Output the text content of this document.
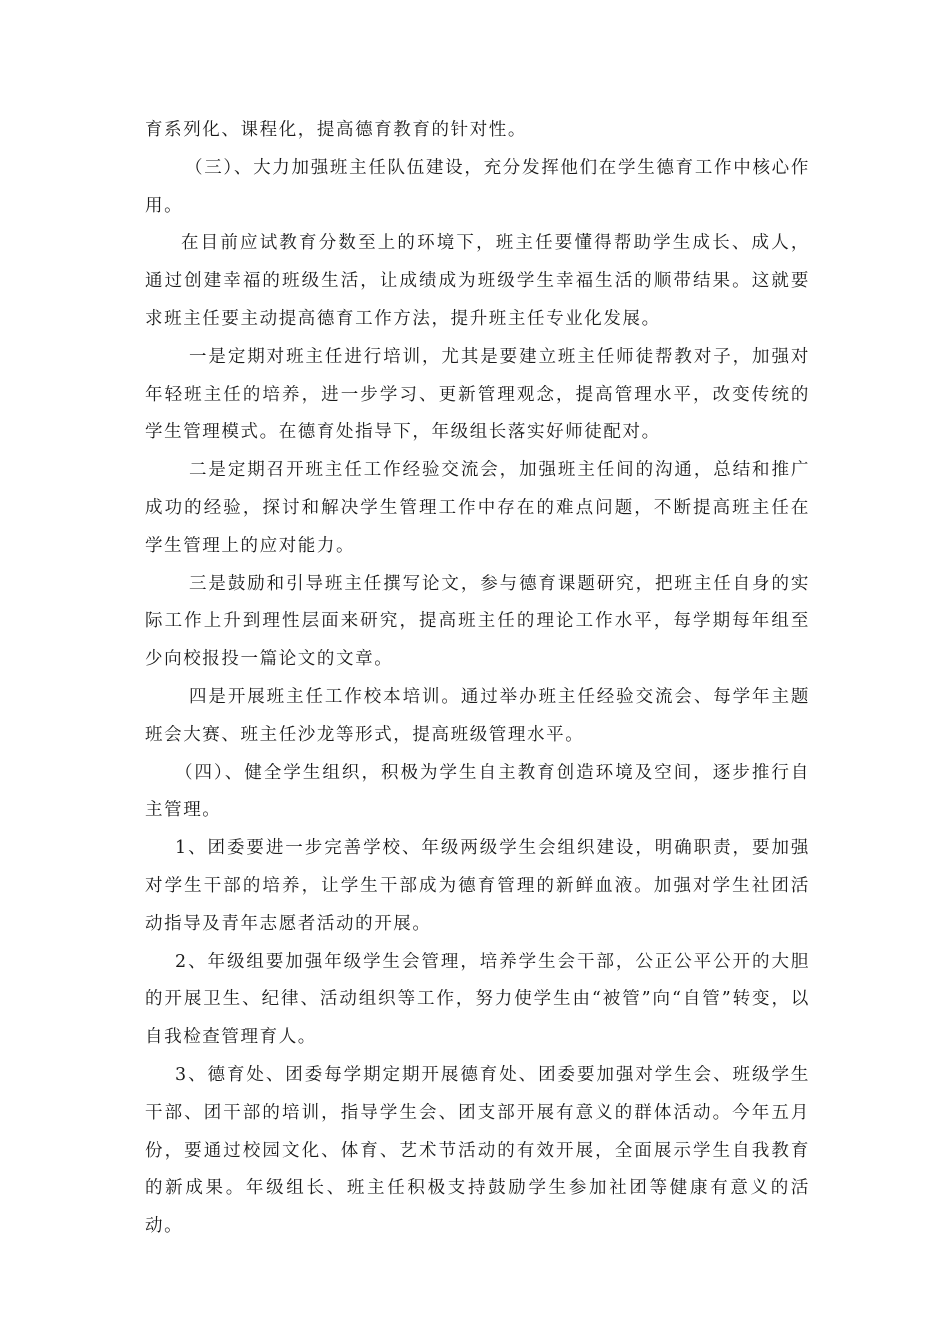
育系列化、课程化，提高德育教育的针对性。

（三）、大力加强班主任队伍建设，充分发挥他们在学生德育工作中核心作用。

在目前应试教育分数至上的环境下，班主任要懂得帮助学生成长、成人，通过创建幸福的班级生活，让成绩成为班级学生幸福生活的顺带结果。这就要求班主任要主动提高德育工作方法，提升班主任专业化发展。

一是定期对班主任进行培训，尤其是要建立班主任师徒帮教对子，加强对年轻班主任的培养，进一步学习、更新管理观念，提高管理水平，改变传统的学生管理模式。在德育处指导下，年级组长落实好师徒配对。

二是定期召开班主任工作经验交流会，加强班主任间的沟通，总结和推广成功的经验，探讨和解决学生管理工作中存在的难点问题，不断提高班主任在学生管理上的应对能力。

三是鼓励和引导班主任撰写论文，参与德育课题研究，把班主任自身的实际工作上升到理性层面来研究，提高班主任的理论工作水平，每学期每年组至少向校报投一篇论文的文章。

四是开展班主任工作校本培训。通过举办班主任经验交流会、每学年主题班会大赛、班主任沙龙等形式，提高班级管理水平。

（四）、健全学生组织，积极为学生自主教育创造环境及空间，逐步推行自主管理。

1、团委要进一步完善学校、年级两级学生会组织建设，明确职责，要加强对学生干部的培养，让学生干部成为德育管理的新鲜血液。加强对学生社团活动指导及青年志愿者活动的开展。

2、年级组要加强年级学生会管理，培养学生会干部，公正公平公开的大胆的开展卫生、纪律、活动组织等工作，努力使学生由“被管”向“自管”转变，以自我检查管理育人。

3、德育处、团委每学期定期开展德育处、团委要加强对学生会、班级学生干部、团干部的培训，指导学生会、团支部开展有意义的群体活动。今年五月份，要通过校园文化、体育、艺术节活动的有效开展，全面展示学生自我教育的新成果。年级组长、班主任积极支持鼓励学生参加社团等健康有意义的活动。
